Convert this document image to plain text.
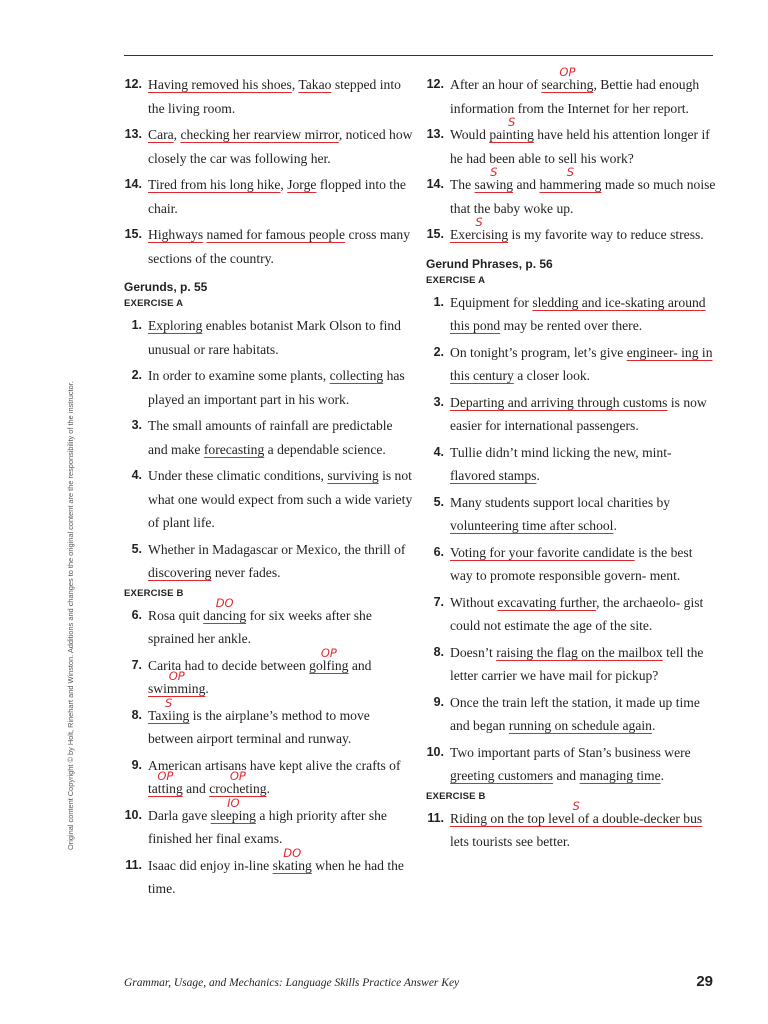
Original content Copyright © by Holt, Rinehart and Winston. Additions and changes to the original content are the responsibility of the instructor.
12. Having removed his shoes, Takao stepped into the living room.
13. Cara, checking her rearview mirror, noticed how closely the car was following her.
14. Tired from his long hike, Jorge flopped into the chair.
15. Highways named for famous people cross many sections of the country.
Gerunds, p. 55
EXERCISE A
1. Exploring enables botanist Mark Olson to find unusual or rare habitats.
2. In order to examine some plants, collecting has played an important part in his work.
3. The small amounts of rainfall are predictable and make forecasting a dependable science.
4. Under these climatic conditions, surviving is not what one would expect from such a wide variety of plant life.
5. Whether in Madagascar or Mexico, the thrill of discovering never fades.
EXERCISE B
6. Rosa quit dancing
DO
for six weeks after she sprained her ankle.
7. Carita had to decide between golfing
OP
and swimming
OP
.
8. Taxiing
S
is the airplane’s method to move between airport terminal and runway.
9. American artisans have kept alive the crafts of tatting
OP
and crocheting
OP
.
10. Darla gave sleeping
IO
a high priority after she finished her final exams.
11. Isaac did enjoy in-line skating
DO
when he had the time.
12. After an hour of searching
OP
, Bettie had enough information from the Internet for her report.
13. Would painting
S
have held his attention longer if he had been able to sell his work?
14. The sawing
S
and hammering
S
made so much noise that the baby woke up.
15. Exercising
S
is my favorite way to reduce stress.
Gerund Phrases, p. 56
EXERCISE A
1. Equipment for sledding and ice-skating around this pond may be rented over there.
2. On tonight’s program, let’s give engineer- ing in this century a closer look.
3. Departing and arriving through customs is now easier for international passengers.
4. Tullie didn’t mind licking the new, mint- flavored stamps.
5. Many students support local charities by volunteering time after school.
6. Voting for your favorite candidate is the best way to promote responsible govern- ment.
7. Without excavating further, the archaeolo- gist could not estimate the age of the site.
8. Doesn’t raising the flag on the mailbox tell the letter carrier we have mail for pickup?
9. Once the train left the station, it made up time and began running on schedule again.
10. Two important parts of Stan’s business were greeting customers and managing time.
EXERCISE B
11. Riding on the top level of a double-decker bus
S
lets tourists see better.
Grammar, Usage, and Mechanics: Language Skills Practice Answer Key	29
